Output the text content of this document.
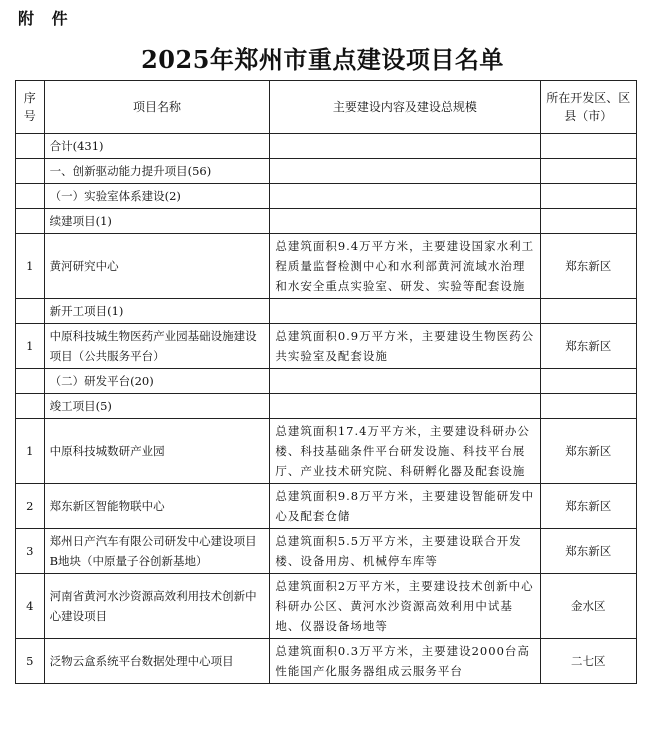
附 件
2025年郑州市重点建设项目名单
序号	项目名称	主要建设内容及建设总规模	所在开发区、区县（市）
	合计(431)		
	一、创新驱动能力提升项目(56)		
	（一）实验室体系建设(2)		
	续建项目(1)		
1	黄河研究中心	总建筑面积9.4万平方米，主要建设国家水利工程质量监督检测中心和水利部黄河流域水治理和水安全重点实验室、研发、实验等配套设施	郑东新区
	新开工项目(1)		
1	中原科技城生物医药产业园基础设施建设项目（公共服务平台）	总建筑面积0.9万平方米，主要建设生物医药公共实验室及配套设施	郑东新区
	（二）研发平台(20)		
	竣工项目(5)		
1	中原科技城数研产业园	总建筑面积17.4万平方米，主要建设科研办公楼、科技基础条件平台研发设施、科技平台展厅、产业技术研究院、科研孵化器及配套设施	郑东新区
2	郑东新区智能物联中心	总建筑面积9.8万平方米，主要建设智能研发中心及配套仓储	郑东新区
3	郑州日产汽车有限公司研发中心建设项目B地块（中原量子谷创新基地）	总建筑面积5.5万平方米，主要建设联合开发楼、设备用房、机械停车库等	郑东新区
4	河南省黄河水沙资源高效利用技术创新中心建设项目	总建筑面积2万平方米，主要建设技术创新中心科研办公区、黄河水沙资源高效利用中试基地、仪器设备场地等	金水区
5	泛物云盒系统平台数据处理中心项目	总建筑面积0.3万平方米，主要建设2000台高性能国产化服务器组成云服务平台	二七区
